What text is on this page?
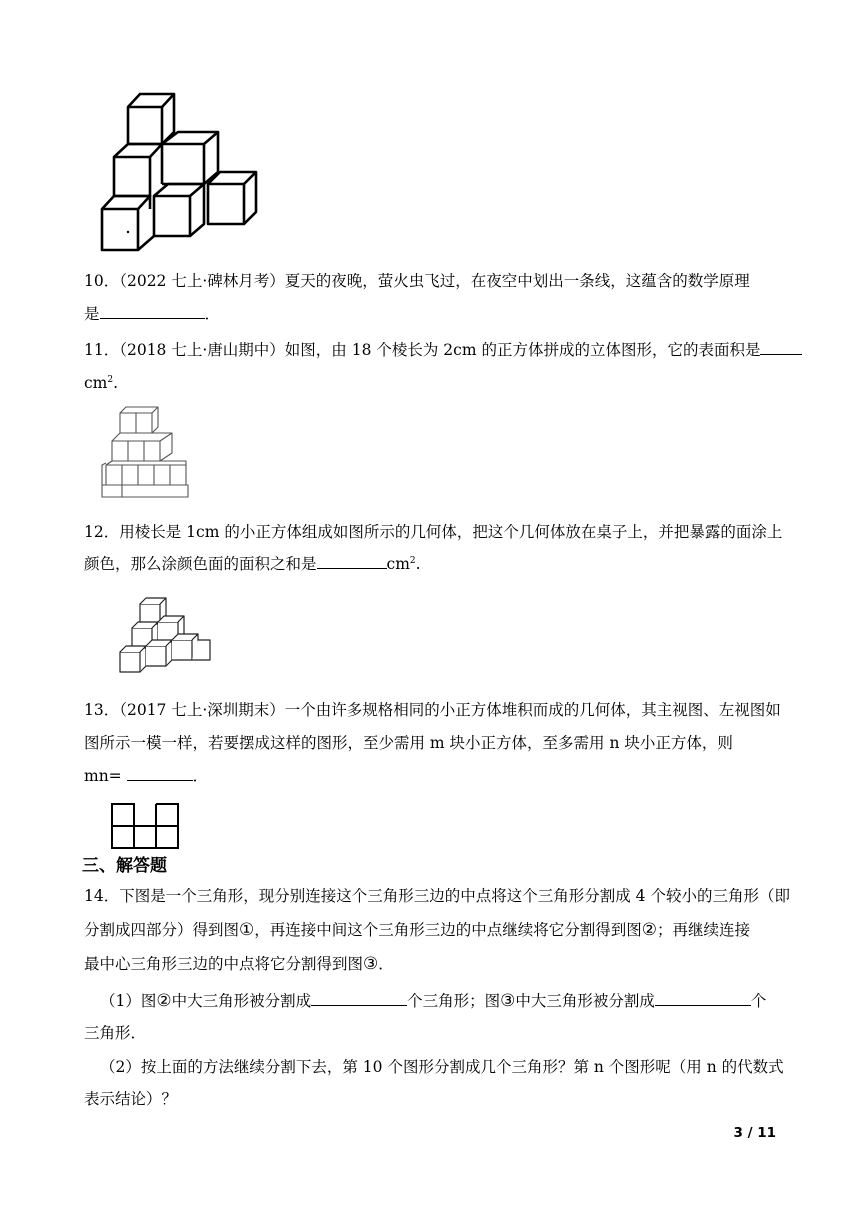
10．（2022 七上·碑林月考）夏天的夜晚，萤火虫飞过，在夜空中划出一条线，这蕴含的数学原理
是	．
11．（2018 七上·唐山期中）如图，由 18 个棱长为 2cm 的正方体拼成的立体图形，它的表面积是
$cm^2$.
12．用棱长是 1cm 的小正方体组成如图所示的几何体，把这个几何体放在桌子上，并把暴露的面涂上
颜色，那么涂颜色面的面积之和是	$cm^2$.
13．（2017 七上·深圳期末）一个由许多规格相同的小正方体堆积而成的几何体，其主视图、左视图如
图所示一模一样，若要摆成这样的图形，至少需用 m 块小正方体，至多需用 n 块小正方体，则
mn=	．
三、解答题
14．下图是一个三角形，现分别连接这个三角形三边的中点将这个三角形分割成 4 个较小的三角形（即
分割成四部分）得到图①，再连接中间这个三角形三边的中点继续将它分割得到图②；再继续连接
最中心三角形三边的中点将它分割得到图③．
（1）图②中大三角形被分割成	个三角形；图③中大三角形被分割成	个
三角形．
（2）按上面的方法继续分割下去，第 10 个图形分割成几个三角形？第 n 个图形呢（用 n 的代数式
表示结论）？
3 / 11
